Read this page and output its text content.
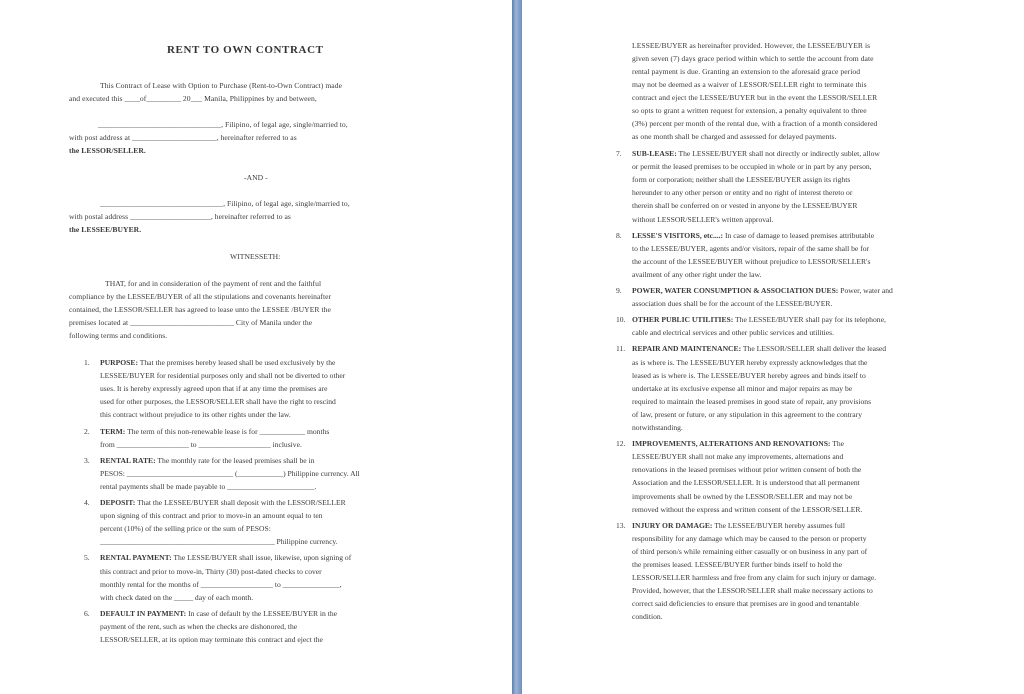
RENT TO OWN CONTRACT
This Contract of Lease with Option to Purchase (Rent-to-Own Contract) made
and executed this ____of_________ 20___ Manila, Philippines by and between,
________________________________, Filipino, of legal age, single/married to,
with post address at ______________________, hereinafter referred to as
the LESSOR/SELLER.
-AND -
________________________________, Filipino, of legal age, single/married to,
with postal address _____________________, hereinafter referred to as
the LESSEE/BUYER.
WITNESSETH:
THAT, for and in consideration of the payment of rent and the faithful
compliance by the LESSEE/BUYER of all the stipulations and covenants hereinafter
contained, the LESSOR/SELLER has agreed to lease unto the LESSEE /BUYER the
premises located at ___________________________ City of Manila under the
following terms and conditions.
1. PURPOSE: That the premises hereby leased shall be used exclusively by the
LESSEE/BUYER for residential purposes only and shall not be diverted to other
uses. It is hereby expressly agreed upon that if at any time the premises are
used for other purposes, the LESSOR/SELLER shall have the right to rescind
this contract without prejudice to its other rights under the law.
2. TERM: The term of this non-renewable lease is for ____________ months
from ___________________ to ___________________ inclusive.
3. RENTAL RATE: The monthly rate for the leased premises shall be in
PESOS: ____________________________ (____________) Philippine currency. All
rental payments shall be made payable to _______________________.
4. DEPOSIT: That the LESSEE/BUYER shall deposit with the LESSOR/SELLER
upon signing of this contract and prior to move-in an amount equal to ten
percent (10%) of the selling price or the sum of PESOS:
______________________________________________ Philippine currency.
5. RENTAL PAYMENT: The LESSE/BUYER shall issue, likewise, upon signing of
this contract and prior to move-in, Thirty (30) post-dated checks to cover
monthly rental for the months of ___________________ to _______________,
with check dated on the _____ day of each month.
6. DEFAULT IN PAYMENT: In case of default by the LESSEE/BUYER in the
payment of the rent, such as when the checks are dishonored, the
LESSOR/SELLER, at its option may terminate this contract and eject the
LESSEE/BUYER as hereinafter provided. However, the LESSEE/BUYER is
given seven (7) days grace period within which to settle the account from date
rental payment is due. Granting an extension to the aforesaid grace period
may not be deemed as a waiver of LESSOR/SELLER right to terminate this
contract and eject the LESSEE/BUYER but in the event the LESSOR/SELLER
so opts to grant a written request for extension, a penalty equivalent to three
(3%) percent per month of the rental due, with a fraction of a month considered
as one month shall be charged and assessed for delayed payments.
7. SUB-LEASE: The LESSEE/BUYER shall not directly or indirectly sublet, allow
or permit the leased premises to be occupied in whole or in part by any person,
form or corporation; neither shall the LESSEE/BUYER assign its rights
hereunder to any other person or entity and no right of interest thereto or
therein shall be conferred on or vested in anyone by the LESSEE/BUYER
without LESSOR/SELLER's written approval.
8. LESSE'S VISITORS, etc....: In case of damage to leased premises attributable
to the LESSEE/BUYER, agents and/or visitors, repair of the same shall be for
the account of the LESSEE/BUYER without prejudice to LESSOR/SELLER's
availment of any other right under the law.
9. POWER, WATER CONSUMPTION & ASSOCIATION DUES: Power, water and
association dues shall be for the account of the LESSEE/BUYER.
10. OTHER PUBLIC UTILITIES: The LESSEE/BUYER shall pay for its telephone,
cable and electrical services and other public services and utilities.
11. REPAIR AND MAINTENANCE: The LESSOR/SELLER shall deliver the leased
as is where is. The LESSEE/BUYER hereby expressly acknowledges that the
leased as is where is. The LESSEE/BUYER hereby agrees and binds itself to
undertake at its exclusive expense all minor and major repairs as may be
required to maintain the leased premises in good state of repair, any provisions
of law, present or future, or any stipulation in this agreement to the contrary
notwithstanding.
12. IMPROVEMENTS, ALTERATIONS AND RENOVATIONS: The
LESSEE/BUYER shall not make any improvements, alternations and
renovations in the leased premises without prior written consent of both the
Association and the LESSOR/SELLER. It is understood that all permanent
improvements shall be owned by the LESSOR/SELLER and may not be
removed without the express and written consent of the LESSOR/SELLER.
13. INJURY OR DAMAGE: The LESSEE/BUYER hereby assumes full
responsibility for any damage which may be caused to the person or property
of third person/s while remaining either casually or on business in any part of
the premises leased. LESSEE/BUYER further binds itself to hold the
LESSOR/SELLER harmless and free from any claim for such injury or damage.
Provided, however, that the LESSOR/SELLER shall make necessary actions to
correct said deficiencies to ensure that premises are in good and tenantable
condition.
